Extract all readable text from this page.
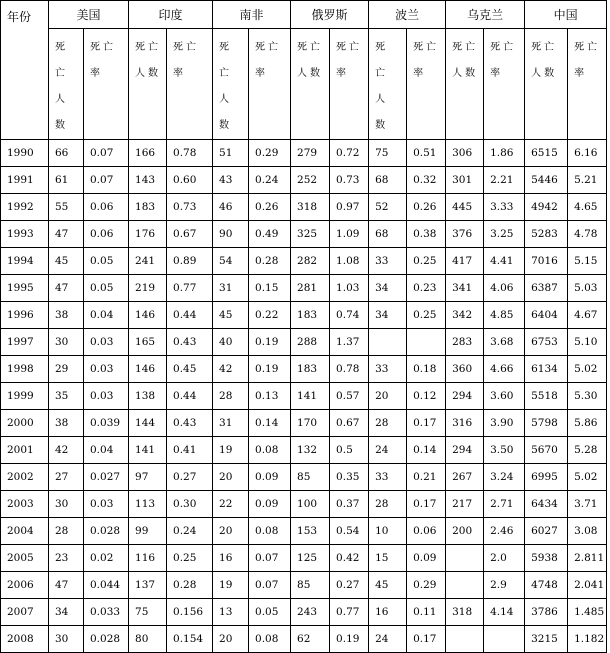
年份	美国		印度		南非		俄罗斯		波兰		乌克兰		中国	

	死亡人数	死亡率	死亡人数	死亡率	死亡人数	死亡率	死亡人数	死亡率	死亡人数	死亡率	死亡人数	死亡率	死亡人数	死亡率

1990	66	0.07	166	0.78	51	0.29	279	0.72	75	0.51	306	1.86	6515	6.16
1991	61	0.07	143	0.60	43	0.24	252	0.73	68	0.32	301	2.21	5446	5.21
1992	55	0.06	183	0.73	46	0.26	318	0.97	52	0.26	445	3.33	4942	4.65
1993	47	0.06	176	0.67	90	0.49	325	1.09	68	0.38	376	3.25	5283	4.78
1994	45	0.05	241	0.89	54	0.28	282	1.08	33	0.25	417	4.41	7016	5.15
1995	47	0.05	219	0.77	31	0.15	281	1.03	34	0.23	341	4.06	6387	5.03
1996	38	0.04	146	0.44	45	0.22	183	0.74	34	0.25	342	4.85	6404	4.67
1997	30	0.03	165	0.43	40	0.19	288	1.37			283	3.68	6753	5.10
1998	29	0.03	146	0.45	42	0.19	183	0.78	33	0.18	360	4.66	6134	5.02
1999	35	0.03	138	0.44	28	0.13	141	0.57	20	0.12	294	3.60	5518	5.30
2000	38	0.039	144	0.43	31	0.14	170	0.67	28	0.17	316	3.90	5798	5.86
2001	42	0.04	141	0.41	19	0.08	132	0.5	24	0.14	294	3.50	5670	5.28
2002	27	0.027	97	0.27	20	0.09	85	0.35	33	0.21	267	3.24	6995	5.02
2003	30	0.03	113	0.30	22	0.09	100	0.37	28	0.17	217	2.71	6434	3.71
2004	28	0.028	99	0.24	20	0.08	153	0.54	10	0.06	200	2.46	6027	3.08
2005	23	0.02	116	0.25	16	0.07	125	0.42	15	0.09		2.0	5938	2.811
2006	47	0.044	137	0.28	19	0.07	85	0.27	45	0.29		2.9	4748	2.041
2007	34	0.033	75	0.156	13	0.05	243	0.77	16	0.11	318	4.14	3786	1.485
2008	30	0.028	80	0.154	20	0.08	62	0.19	24	0.17			3215	1.182
